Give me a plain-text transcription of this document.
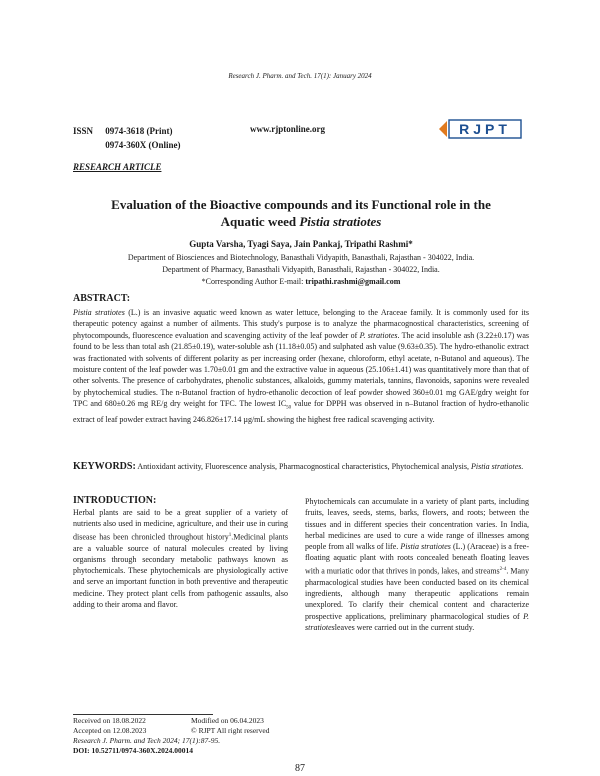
Research J. Pharm. and Tech. 17(1): January 2024
ISSN 0974-3618 (Print)
0974-360X (Online)
www.rjptonline.org	RJPT
RESEARCH ARTICLE
Evaluation of the Bioactive compounds and its Functional role in the
Aquatic weed Pistia stratiotes
Gupta Varsha, Tyagi Saya, Jain Pankaj, Tripathi Rashmi*
Department of Biosciences and Biotechnology, Banasthali Vidyapith, Banasthali, Rajasthan - 304022, India.
Department of Pharmacy, Banasthali Vidyapith, Banasthali, Rajasthan - 304022, India.
*Corresponding Author E-mail: tripathi.rashmi@gmail.com
ABSTRACT:
Pistia stratiotes (L.) is an invasive aquatic weed known as water lettuce, belonging to the Araceae family. It is commonly used for its therapeutic potency against a number of ailments. This study's purpose is to analyze the pharmacognostical characteristics, screening of phytocompounds, fluorescence evaluation and scavenging activity of the leaf powder of P. stratiotes. The acid insoluble ash (3.22±0.17) was found to be less than total ash (21.85±0.19), water-soluble ash (11.18±0.05) and sulphated ash value (9.63±0.35). The hydro-ethanolic extract was fractionated with solvents of different polarity as per increasing order (hexane, chloroform, ethyl acetate, n-Butanol and aqueous). The moisture content of the leaf powder was 1.70±0.01 gm and the extractive value in aqueous (25.106±1.41) was quantitatively more than that of other solvents. The presence of carbohydrates, phenolic substances, alkaloids, gummy materials, tannins, flavonoids, saponins were revealed by phytochemical studies. The n-Butanol fraction of hydro-ethanolic decoction of leaf powder showed 360±0.01 mg GAE/gdry weight for TPC and 680±0.26 mg RE/g dry weight for TFC. The lowest $IC_{50}$ value for DPPH was observed in n–Butanol fraction of hydro-ethanolic extract of leaf powder extract having 246.826±17.14 µg/mL showing the highest free radical scavenging activity.
KEYWORDS: Antioxidant activity, Fluorescence analysis, Pharmacognostical characteristics, Phytochemical analysis, Pistia stratiotes.
INTRODUCTION:
Herbal plants are said to be a great supplier of a variety of nutrients also used in medicine, agriculture, and their use in curing disease has been chronicled throughout history$^1$.Medicinal plants are a valuable source of natural molecules created by living organisms through secondary metabolic pathways known as phytochemicals. These phytochemicals are physiologically active and serve an important function in both preventive and therapeutic medicine. They protect plant cells from pathogenic assaults, also adding to their aroma and flavor.
Phytochemicals can accumulate in a variety of plant parts, including fruits, leaves, seeds, stems, barks, flowers, and roots; between the tissues and in different species their concentration varies. In India, herbal medicines are used to cure a wide range of illnesses among people from all walks of life. Pistia stratiotes (L.) (Araceae) is a free-floating aquatic plant with roots concealed beneath floating leaves with a muriatic odor that thrives in ponds, lakes, and streams$^{2-4}$. Many pharmacological studies have been conducted based on its chemical ingredients, although many therapeutic applications remain unexplored. To clarify their chemical content and characterize prospective applications, preliminary pharmacological studies of P. stratiotesleaves were carried out in the current study.
Received on 18.08.2022	Modified on 06.04.2023
Accepted on 12.08.2023	© RJPT All right reserved
Research J. Pharm. and Tech 2024; 17(1):87-95.
DOI: 10.52711/0974-360X.2024.00014
87
